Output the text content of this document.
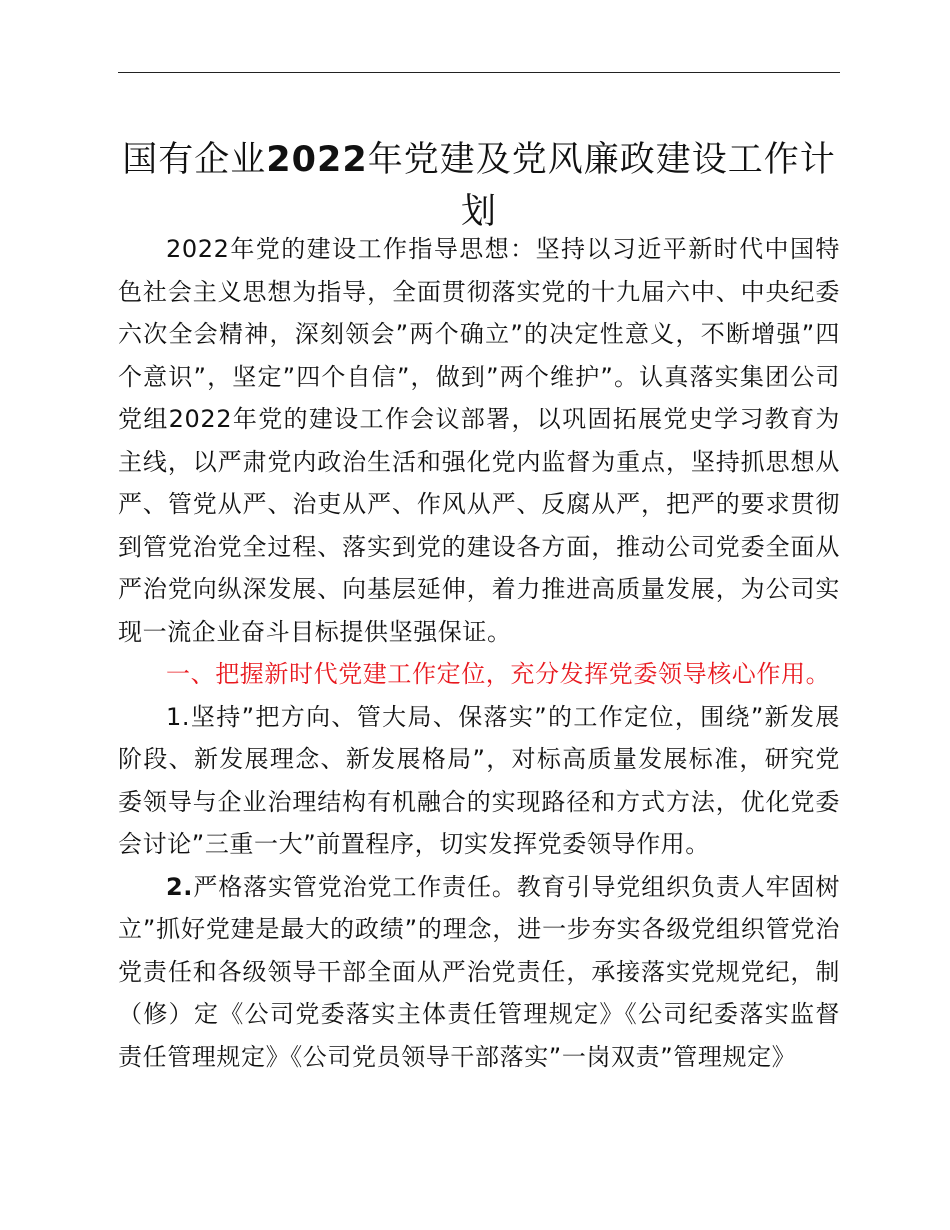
国有企业2022年党建及党风廉政建设工作计划

2022年党的建设工作指导思想：坚持以习近平新时代中国特色社会主义思想为指导，全面贯彻落实党的十九届六中、中央纪委六次全会精神，深刻领会”两个确立”的决定性意义，不断增强”四个意识”，坚定”四个自信”，做到”两个维护”。认真落实集团公司党组2022年党的建设工作会议部署，以巩固拓展党史学习教育为主线，以严肃党内政治生活和强化党内监督为重点，坚持抓思想从严、管党从严、治吏从严、作风从严、反腐从严，把严的要求贯彻到管党治党全过程、落实到党的建设各方面，推动公司党委全面从严治党向纵深发展、向基层延伸，着力推进高质量发展，为公司实现一流企业奋斗目标提供坚强保证。

一、把握新时代党建工作定位，充分发挥党委领导核心作用。

1.坚持”把方向、管大局、保落实”的工作定位，围绕”新发展阶段、新发展理念、新发展格局”，对标高质量发展标准，研究党委领导与企业治理结构有机融合的实现路径和方式方法，优化党委会讨论”三重一大”前置程序，切实发挥党委领导作用。

2.严格落实管党治党工作责任。教育引导党组织负责人牢固树立”抓好党建是最大的政绩”的理念，进一步夯实各级党组织管党治党责任和各级领导干部全面从严治党责任，承接落实党规党纪，制（修）定《公司党委落实主体责任管理规定》《公司纪委落实监督责任管理规定》《公司党员领导干部落实”一岗双责”管理规定》
